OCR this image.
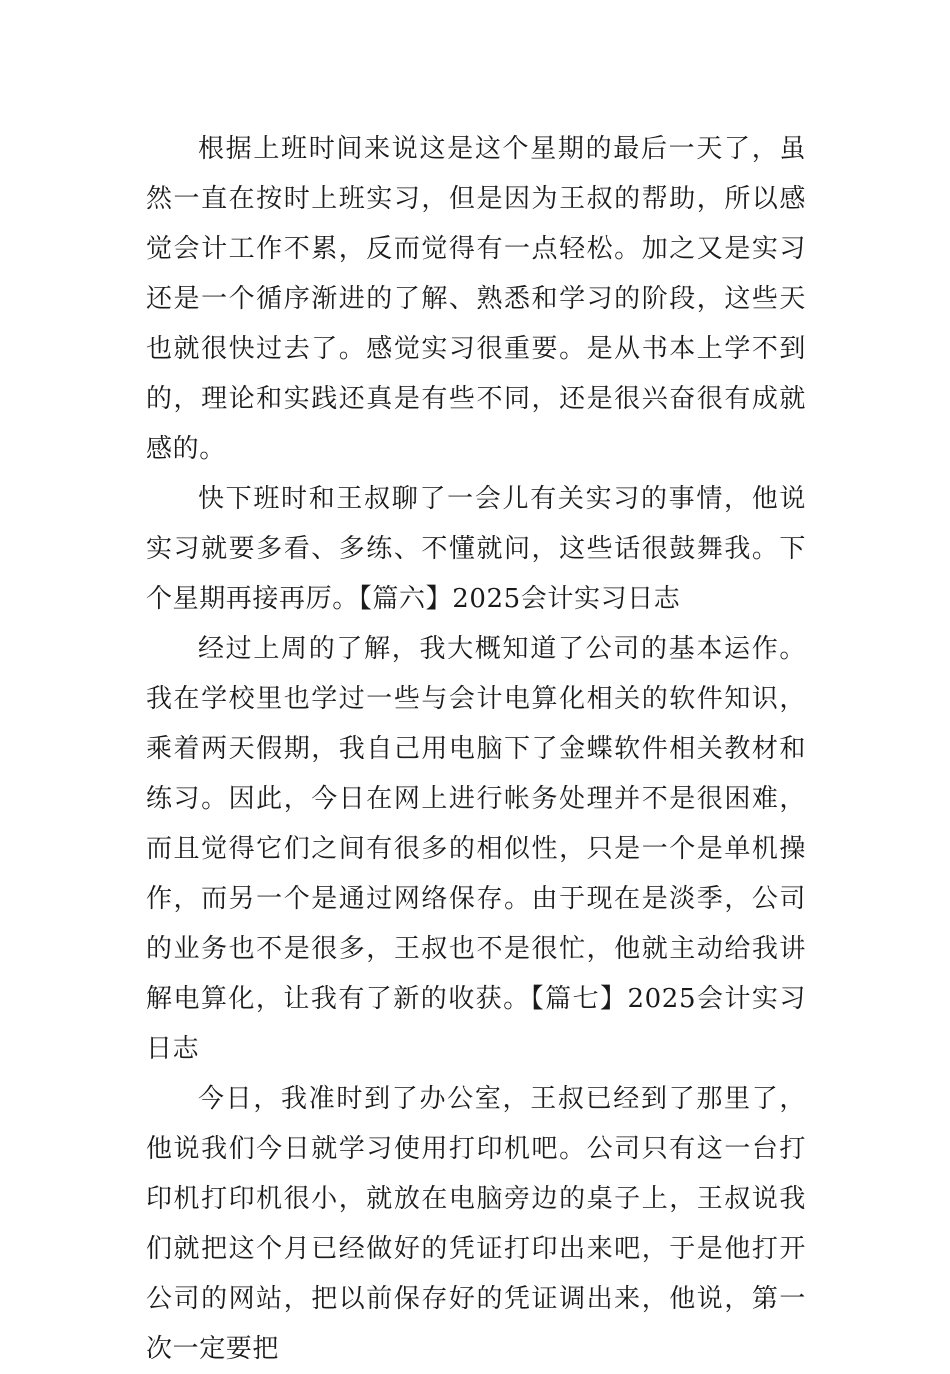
根据上班时间来说这是这个星期的最后一天了，虽然一直在按时上班实习，但是因为王叔的帮助，所以感觉会计工作不累，反而觉得有一点轻松。加之又是实习还是一个循序渐进的了解、熟悉和学习的阶段，这些天也就很快过去了。感觉实习很重要。是从书本上学不到的，理论和实践还真是有些不同，还是很兴奋很有成就感的。

快下班时和王叔聊了一会儿有关实习的事情，他说实习就要多看、多练、不懂就问，这些话很鼓舞我。下个星期再接再厉。【篇六】2025会计实习日志

经过上周的了解，我大概知道了公司的基本运作。我在学校里也学过一些与会计电算化相关的软件知识，乘着两天假期，我自己用电脑下了金蝶软件相关教材和练习。因此，今日在网上进行帐务处理并不是很困难，而且觉得它们之间有很多的相似性，只是一个是单机操作，而另一个是通过网络保存。由于现在是淡季，公司的业务也不是很多，王叔也不是很忙，他就主动给我讲解电算化，让我有了新的收获。【篇七】2025会计实习日志

今日，我准时到了办公室，王叔已经到了那里了，他说我们今日就学习使用打印机吧。公司只有这一台打印机打印机很小，就放在电脑旁边的桌子上，王叔说我们就把这个月已经做好的凭证打印出来吧，于是他打开公司的网站，把以前保存好的凭证调出来，他说，第一次一定要把
